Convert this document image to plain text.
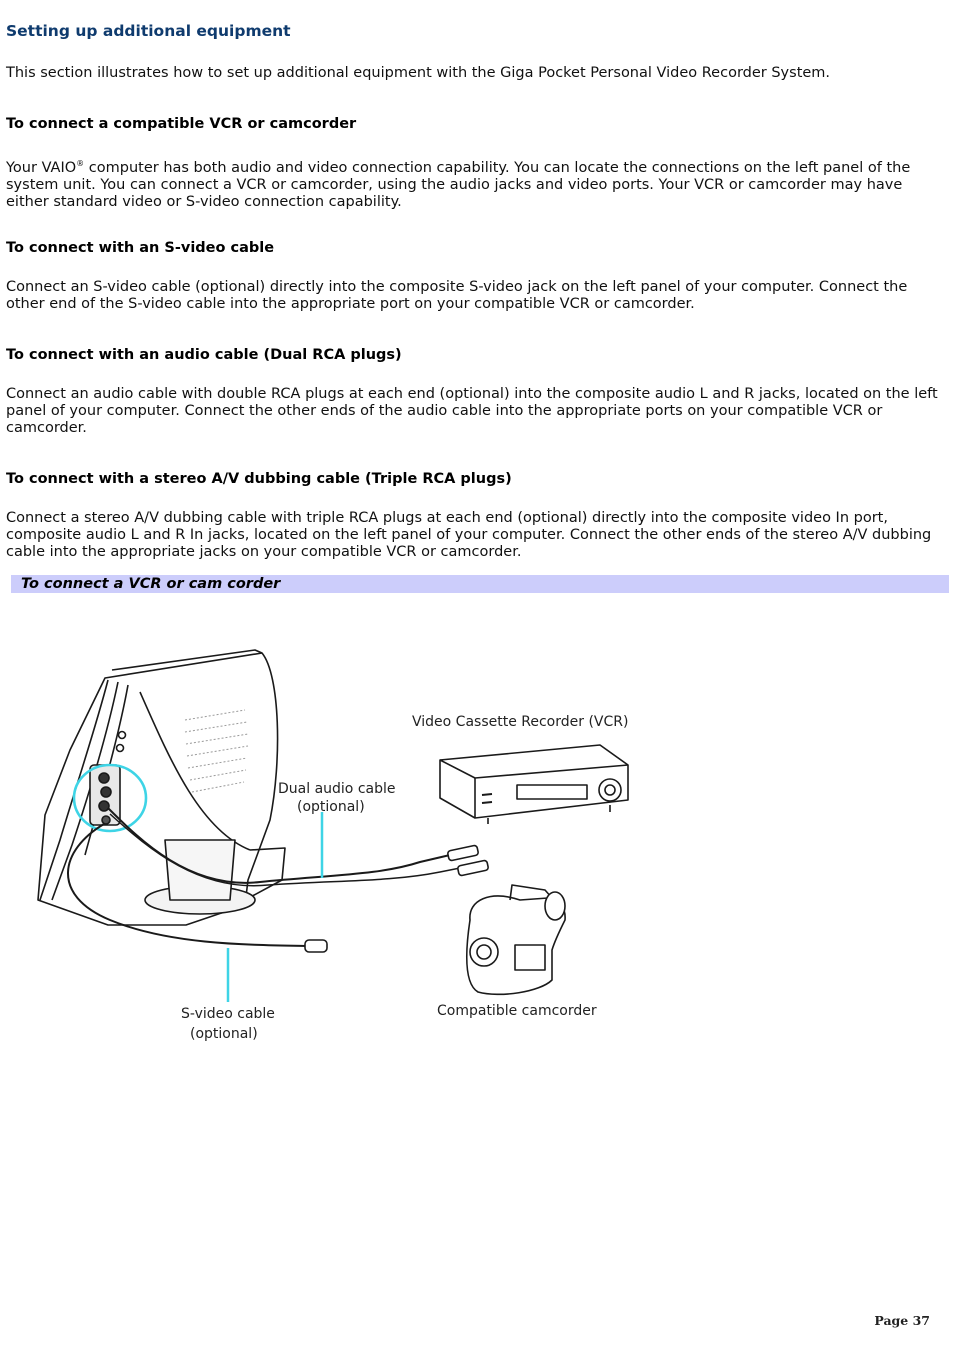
Setting up additional equipment

This section illustrates how to set up additional equipment with the Giga Pocket Personal Video Recorder System.

To connect a compatible VCR or camcorder

Your VAIO® computer has both audio and video connection capability. You can locate the connections on the left panel of the system unit. You can connect a VCR or camcorder, using the audio jacks and video ports. Your VCR or camcorder may have either standard video or S-video connection capability.

To connect with an S-video cable

Connect an S-video cable (optional) directly into the composite S-video jack on the left panel of your computer. Connect the other end of the S-video cable into the appropriate port on your compatible VCR or camcorder.

To connect with an audio cable (Dual RCA plugs)

Connect an audio cable with double RCA plugs at each end (optional) into the composite audio L and R jacks, located on the left panel of your computer. Connect the other ends of the audio cable into the appropriate ports on your compatible VCR or camcorder.

To connect with a stereo A/V dubbing cable (Triple RCA plugs)

Connect a stereo A/V dubbing cable with triple RCA plugs at each end (optional) directly into the composite video In port, composite audio L and R In jacks, located on the left panel of your computer. Connect the other ends of the stereo A/V dubbing cable into the appropriate jacks on your compatible VCR or camcorder.

To connect a VCR or cam corder
Video Cassette Recorder (VCR)
Dual audio cable
(optional)
S-video cable
(optional)
Compatible camcorder
Page 37
